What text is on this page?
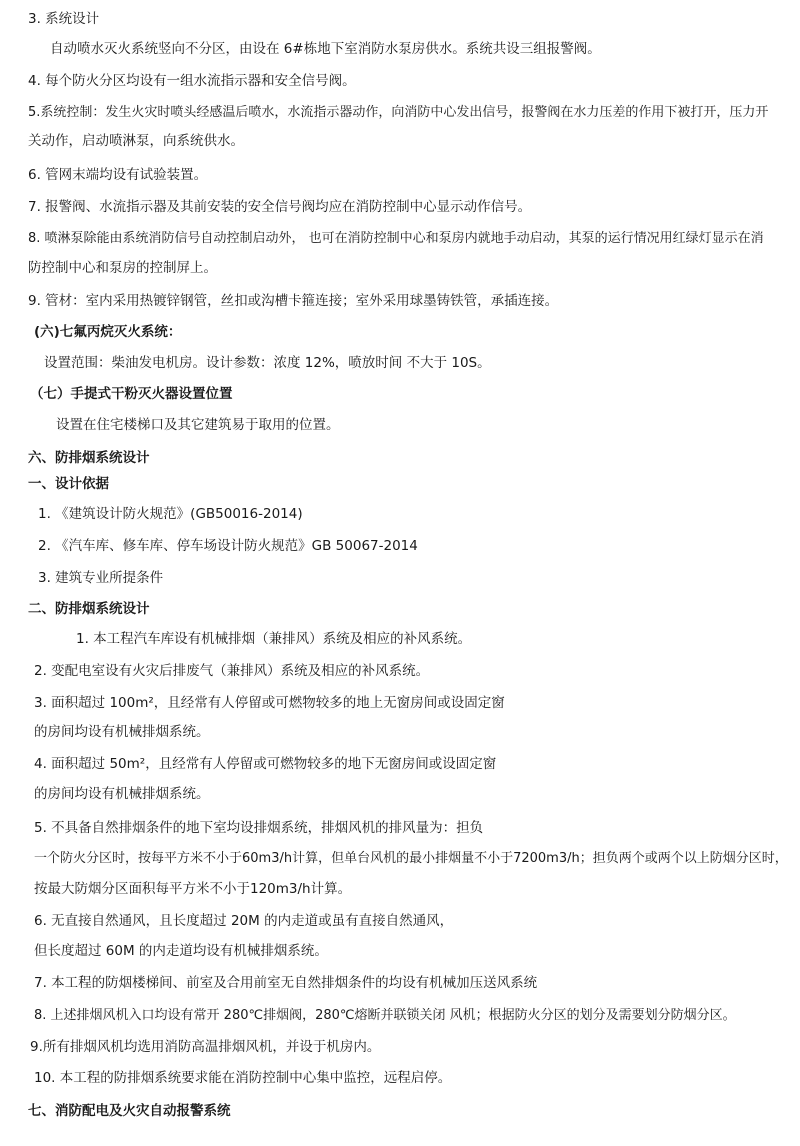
3. 系统设计
自动喷水灭火系统竖向不分区，由设在 6#栋地下室消防水泵房供水。系统共设三组报警阀。
4. 每个防火分区均设有一组水流指示器和安全信号阀。
5.系统控制：发生火灾时喷头经感温后喷水，水流指示器动作，向消防中心发出信号，报警阀在水力压差的作用下被打开，压力开
关动作，启动喷淋泵，向系统供水。
6. 管网末端均设有试验装置。
7. 报警阀、水流指示器及其前安装的安全信号阀均应在消防控制中心显示动作信号。
8. 喷淋泵除能由系统消防信号自动控制启动外， 也可在消防控制中心和泵房内就地手动启动，其泵的运行情况用红绿灯显示在消
防控制中心和泵房的控制屏上。
9. 管材：室内采用热镀锌钢管，丝扣或沟槽卡箍连接；室外采用球墨铸铁管，承插连接。
(六)七氟丙烷灭火系统：
设置范围：柴油发电机房。设计参数：浓度 12%，喷放时间 不大于 10S。
（七）手提式干粉灭火器设置位置
设置在住宅楼梯口及其它建筑易于取用的位置。
六、防排烟系统设计
一、设计依据
1. 《建筑设计防火规范》(GB50016-2014)
2. 《汽车库、修车库、停车场设计防火规范》GB 50067-2014
3. 建筑专业所提条件
二、防排烟系统设计
1. 本工程汽车库设有机械排烟（兼排风）系统及相应的补风系统。
2. 变配电室设有火灾后排废气（兼排风）系统及相应的补风系统。
3. 面积超过 100m²，且经常有人停留或可燃物较多的地上无窗房间或设固定窗
的房间均设有机械排烟系统。
4. 面积超过 50m²，且经常有人停留或可燃物较多的地下无窗房间或设固定窗
的房间均设有机械排烟系统。
5. 不具备自然排烟条件的地下室均设排烟系统，排烟风机的排风量为：担负
一个防火分区时，按每平方米不小于60m3/h计算，但单台风机的最小排烟量不小于7200m3/h；担负两个或两个以上防烟分区时，
按最大防烟分区面积每平方米不小于120m3/h计算。
6. 无直接自然通风，且长度超过 20M 的内走道或虽有直接自然通风，
但长度超过 60M 的内走道均设有机械排烟系统。
7. 本工程的防烟楼梯间、前室及合用前室无自然排烟条件的均设有机械加压送风系统
8. 上述排烟风机入口均设有常开 280℃排烟阀，280℃熔断并联锁关闭 风机；根据防火分区的划分及需要划分防烟分区。
9.所有排烟风机均选用消防高温排烟风机，并设于机房内。
10. 本工程的防排烟系统要求能在消防控制中心集中监控，远程启停。
七、消防配电及火灾自动报警系统
